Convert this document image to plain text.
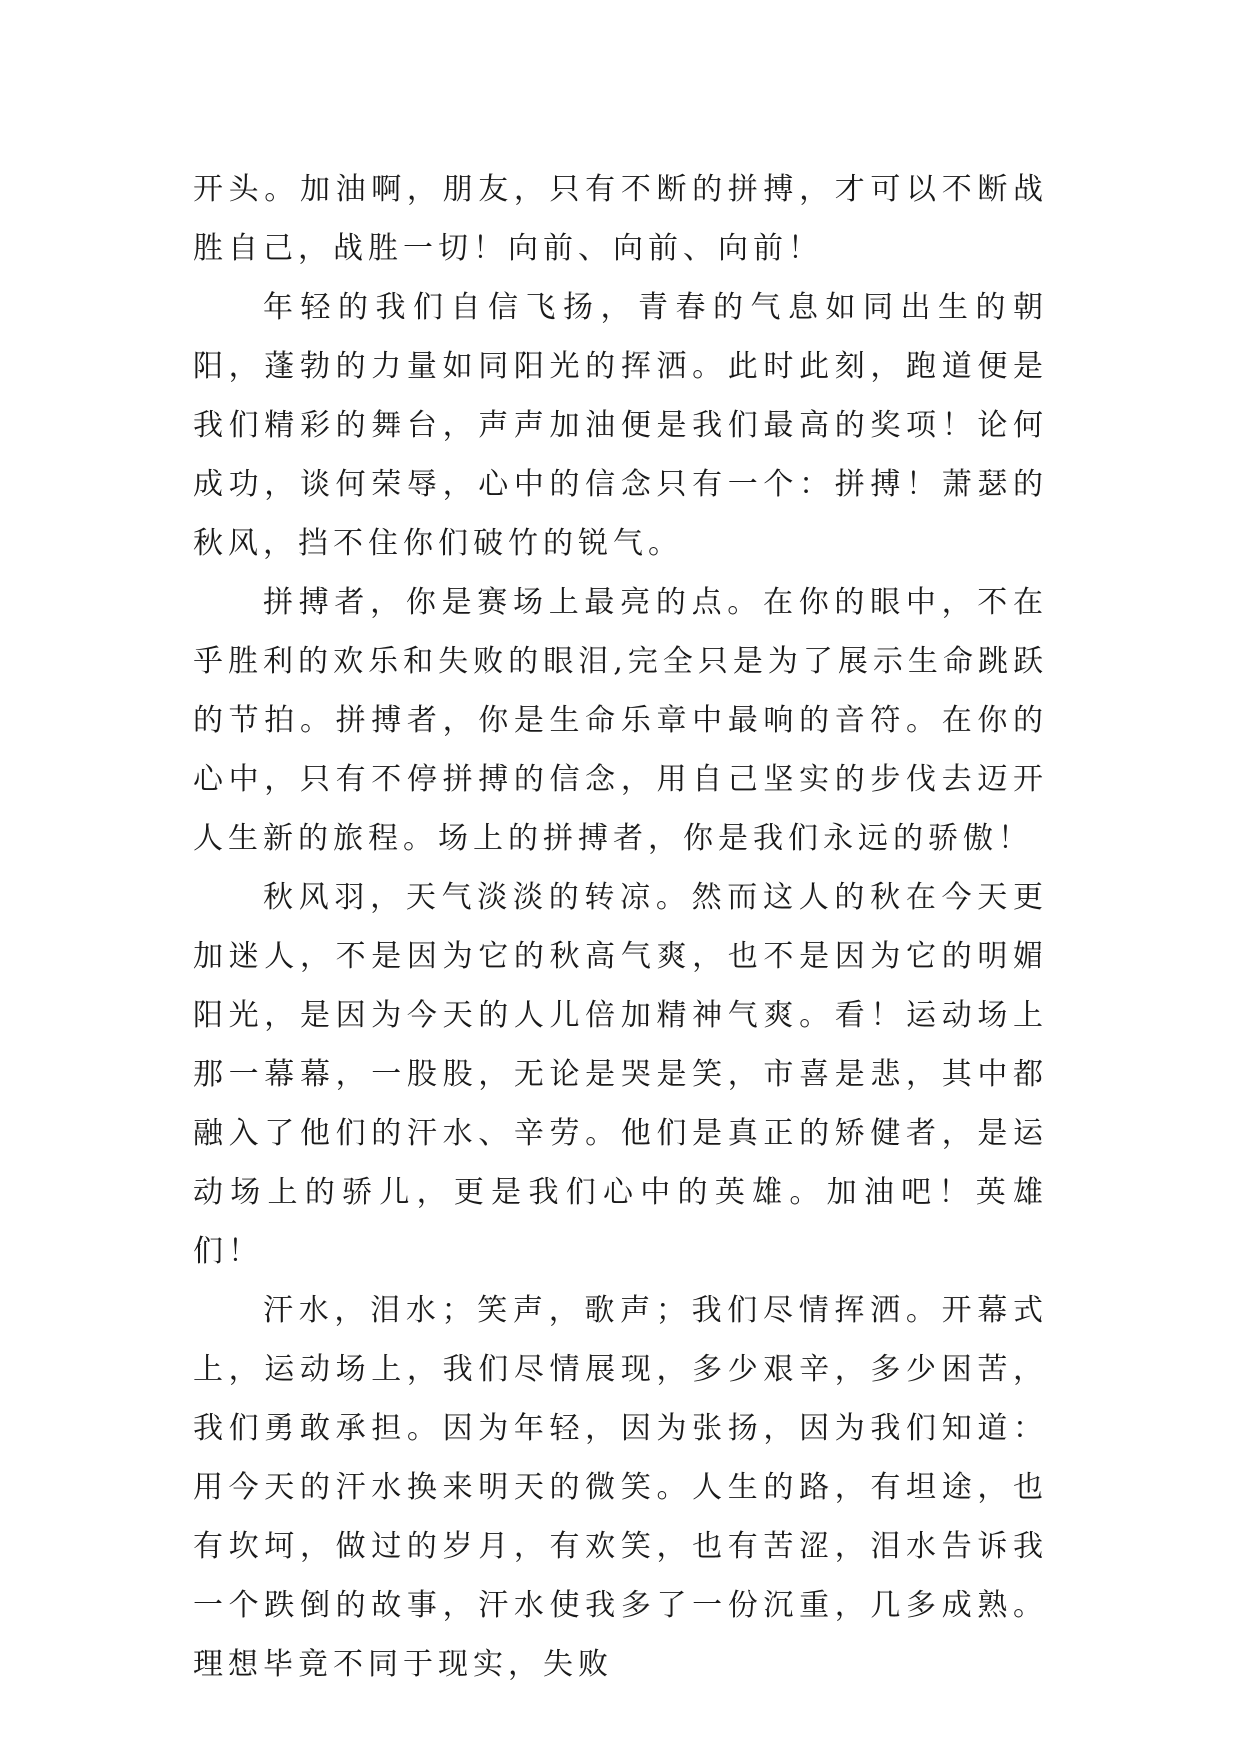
开头。加油啊，朋友，只有不断的拼搏，才可以不断战胜自己，战胜一切！向前、向前、向前！

年轻的我们自信飞扬，青春的气息如同出生的朝阳，蓬勃的力量如同阳光的挥洒。此时此刻，跑道便是我们精彩的舞台，声声加油便是我们最高的奖项！论何成功，谈何荣辱，心中的信念只有一个：拼搏！萧瑟的秋风，挡不住你们破竹的锐气。

拼搏者，你是赛场上最亮的点。在你的眼中，不在乎胜利的欢乐和失败的眼泪,完全只是为了展示生命跳跃的节拍。拼搏者，你是生命乐章中最响的音符。在你的心中，只有不停拼搏的信念，用自己坚实的步伐去迈开人生新的旅程。场上的拼搏者，你是我们永远的骄傲！

秋风羽，天气淡淡的转凉。然而这人的秋在今天更加迷人，不是因为它的秋高气爽，也不是因为它的明媚阳光，是因为今天的人儿倍加精神气爽。看！运动场上那一幕幕，一股股，无论是哭是笑，市喜是悲，其中都融入了他们的汗水、辛劳。他们是真正的矫健者，是运动场上的骄儿，更是我们心中的英雄。加油吧！英雄们！

汗水，泪水；笑声，歌声；我们尽情挥洒。开幕式上，运动场上，我们尽情展现，多少艰辛，多少困苦，我们勇敢承担。因为年轻，因为张扬，因为我们知道：用今天的汗水换来明天的微笑。人生的路，有坦途，也有坎坷，做过的岁月，有欢笑，也有苦涩，泪水告诉我一个跌倒的故事，汗水使我多了一份沉重，几多成熟。理想毕竟不同于现实，失败
